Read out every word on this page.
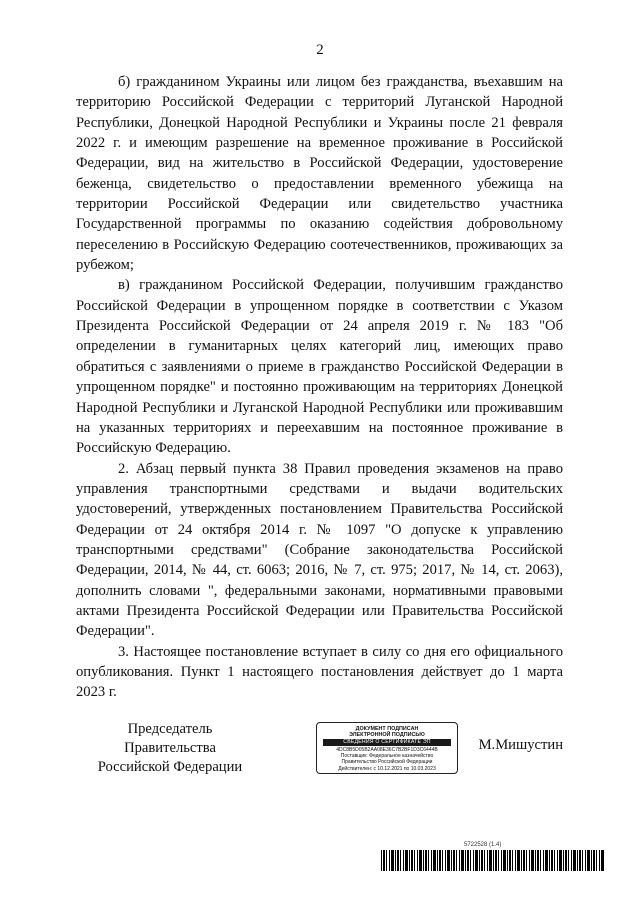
2

б) гражданином Украины или лицом без гражданства, въехавшим на территорию Российской Федерации с территорий Луганской Народной Республики, Донецкой Народной Республики и Украины после 21 февраля 2022 г. и имеющим разрешение на временное проживание в Российской Федерации, вид на жительство в Российской Федерации, удостоверение беженца, свидетельство о предоставлении временного убежища на территории Российской Федерации или свидетельство участника Государственной программы по оказанию содействия добровольному переселению в Российскую Федерацию соотечественников, проживающих за рубежом;

в) гражданином Российской Федерации, получившим гражданство Российской Федерации в упрощенном порядке в соответствии с Указом Президента Российской Федерации от 24 апреля 2019 г. № 183 "Об определении в гуманитарных целях категорий лиц, имеющих право обратиться с заявлениями о приеме в гражданство Российской Федерации в упрощенном порядке" и постоянно проживающим на территориях Донецкой Народной Республики и Луганской Народной Республики или проживавшим на указанных территориях и переехавшим на постоянное проживание в Российскую Федерацию.

2. Абзац первый пункта 38 Правил проведения экзаменов на право управления транспортными средствами и выдачи водительских удостоверений, утвержденных постановлением Правительства Российской Федерации от 24 октября 2014 г. № 1097 "О допуске к управлению транспортными средствами" (Собрание законодательства Российской Федерации, 2014, № 44, ст. 6063; 2016, № 7, ст. 975; 2017, № 14, ст. 2063), дополнить словами ", федеральными законами, нормативными правовыми актами Президента Российской Федерации или Правительства Российской Федерации".

3. Настоящее постановление вступает в силу со дня его официального опубликования. Пункт 1 настоящего постановления действует до 1 марта 2023 г.

Председатель Правительства
Российской Федерации
ДОКУМЕНТ ПОДПИСАН
ЭЛЕКТРОННОЙ ПОДПИСЬЮ
СВЕДЕНИЯ О СЕРТИФИКАТЕ ЭП
4DC8B5D05B2AA08E36C7B2BF1D3C6444B
Поставщик: Федеральное казначейство
Правительство Российской Федерации
Действителен: с 10.12.2021 по 10.03.2023
М.Мишустин
5722528 (1.4)
